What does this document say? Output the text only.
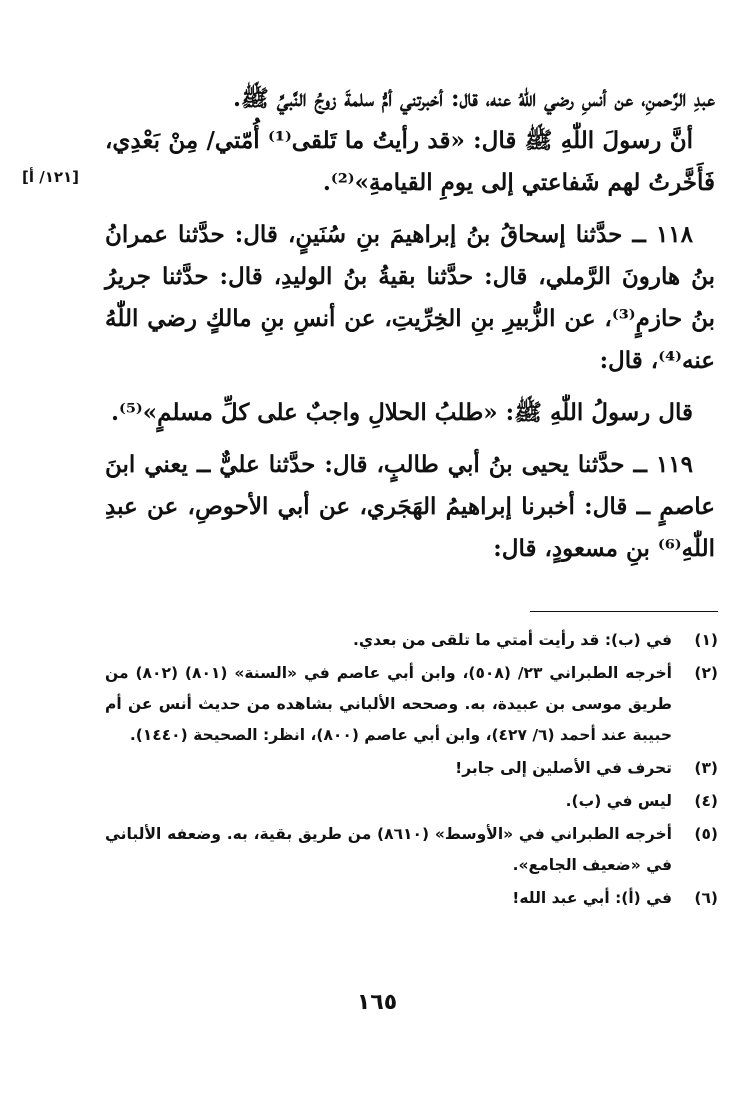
عبدِ الرَّحمنِ، عن أنسِ رضي اللّٰهُ عنه، قال: أخبرتني أمُّ سلمةَ زوجُ النَّبيِّ ﷺ.

أنَّ رسولَ اللّٰهِ ﷺ قال: «قد رأيتُ ما تَلقى⁽¹⁾ أُمّتي/ مِنْ بَعْدِي، فَأَخَّرتُ لهم شَفاعتي إلى يومِ القيامةِ»⁽²⁾.

١١٨ ــ حدَّثنا إسحاقُ بنُ إبراهيمَ بنِ سُنَينٍ، قال: حدَّثنا عمرانُ بنُ هارونَ الرَّملي، قال: حدَّثنا بقيةُ بنُ الوليدِ، قال: حدَّثنا جريرُ بنُ حازمٍ⁽³⁾، عن الزُّبيرِ بنِ الخِرِّيتِ، عن أنسِ بنِ مالكٍ رضي اللّٰهُ عنه⁽⁴⁾، قال:

قال رسولُ اللّٰهِ ﷺ: «طلبُ الحلالِ واجبٌ على كلِّ مسلمٍ»⁽⁵⁾.

١١٩ ــ حدَّثنا يحيى بنُ أبي طالبٍ، قال: حدَّثنا عليٌّ ــ يعني ابنَ عاصمٍ ــ قال: أخبرنا إبراهيمُ الهَجَري، عن أبي الأحوصِ، عن عبدِ اللّٰهِ⁽⁶⁾ بنِ مسعودٍ، قال:

[١٢١/ أ]
(١)
في (ب): قد رأيت أمتي ما تلقى من بعدي.
(٢)
أخرجه الطبراني ٢٣/ (٥٠٨)، وابن أبي عاصم في «السنة» (٨٠١) (٨٠٢) من طريق موسى بن عبيدة، به. وصححه الألباني بشاهده من حديث أنس عن أم حبيبة عند أحمد (٦/ ٤٢٧)، وابن أبي عاصم (٨٠٠)، انظر: الصحيحة (١٤٤٠).
(٣)
تحرف في الأصلين إلى جابر!
(٤)
ليس في (ب).
(٥)
أخرجه الطبراني في «الأوسط» (٨٦١٠) من طريق بقية، به. وضعفه الألباني في «ضعيف الجامع».
(٦)
في (أ): أبي عبد الله!
١٦٥
